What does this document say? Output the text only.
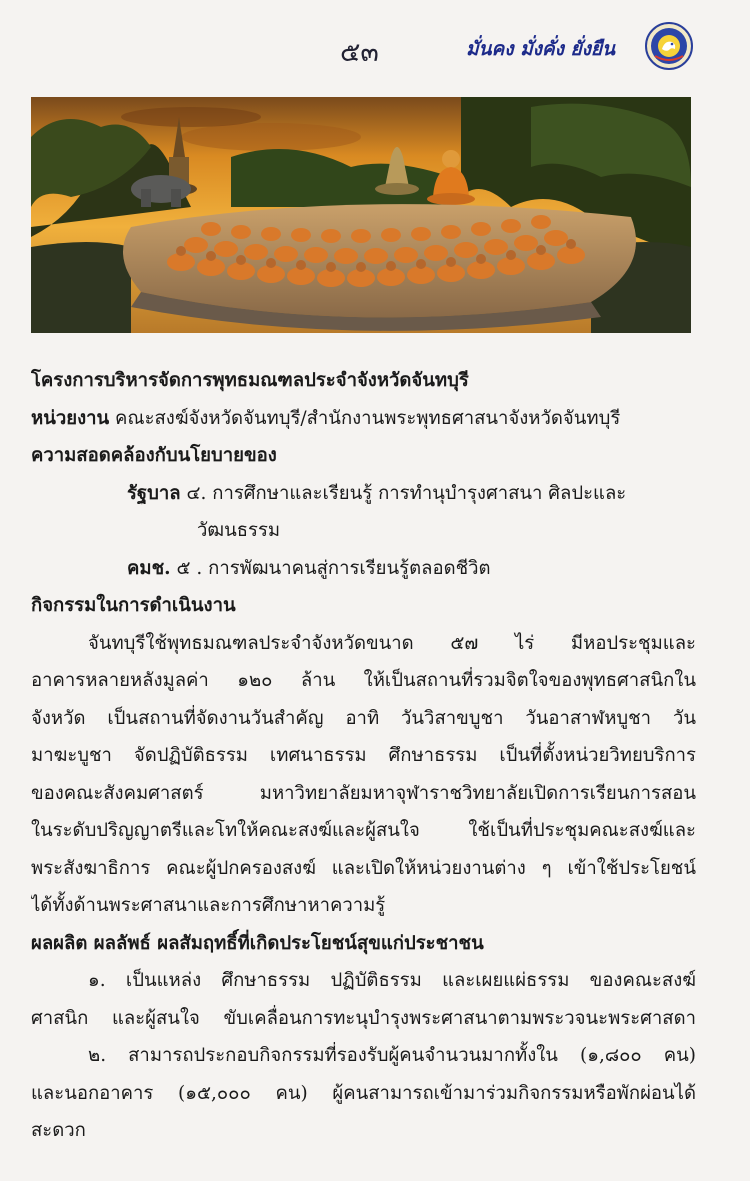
๕๓	มั่นคง มั่งคั่ง ยั่งยืน
โครงการบริหารจัดการพุทธมณฑลประจำจังหวัดจันทบุรี
หน่วยงาน คณะสงฆ์จังหวัดจันทบุรี/สำนักงานพระพุทธศาสนาจังหวัดจันทบุรี
ความสอดคล้องกับนโยบายของ
รัฐบาล ๔. การศึกษาและเรียนรู้ การทำนุบำรุงศาสนา ศิลปะและ
วัฒนธรรม
คมช. ๕ . การพัฒนาคนสู่การเรียนรู้ตลอดชีวิต
กิจกรรมในการดำเนินงาน
จันทบุรีใช้พุทธมณฑลประจำจังหวัดขนาด ๕๗ ไร่ มีหอประชุมและ
อาคารหลายหลังมูลค่า ๑๒๐ ล้าน ให้เป็นสถานที่รวมจิตใจของพุทธศาสนิกใน
จังหวัด เป็นสถานที่จัดงานวันสำคัญ อาทิ วันวิสาขบูชา วันอาสาฬหบูชา วัน
มาฆะบูชา จัดปฏิบัติธรรม เทศนาธรรม ศึกษาธรรม เป็นที่ตั้งหน่วยวิทยบริการ
ของคณะสังคมศาสตร์ มหาวิทยาลัยมหาจุฬาราชวิทยาลัยเปิดการเรียนการสอน
ในระดับปริญญาตรีและโทให้คณะสงฆ์และผู้สนใจ ใช้เป็นที่ประชุมคณะสงฆ์และ
พระสังฆาธิการ คณะผู้ปกครองสงฆ์ และเปิดให้หน่วยงานต่าง ๆ เข้าใช้ประโยชน์
ได้ทั้งด้านพระศาสนาและการศึกษาหาความรู้
ผลผลิต ผลลัพธ์ ผลสัมฤทธิ์ที่เกิดประโยชน์สุขแก่ประชาชน
๑. เป็นแหล่ง ศึกษาธรรม ปฏิบัติธรรม และเผยแผ่ธรรม ของคณะสงฆ์
ศาสนิก และผู้สนใจ ขับเคลื่อนการทะนุบำรุงพระศาสนาตามพระวจนะพระศาสดา
๒. สามารถประกอบกิจกรรมที่รองรับผู้คนจำนวนมากทั้งใน (๑,๘๐๐ คน)
และนอกอาคาร (๑๕,๐๐๐ คน) ผู้คนสามารถเข้ามาร่วมกิจกรรมหรือพักผ่อนได้
สะดวก
